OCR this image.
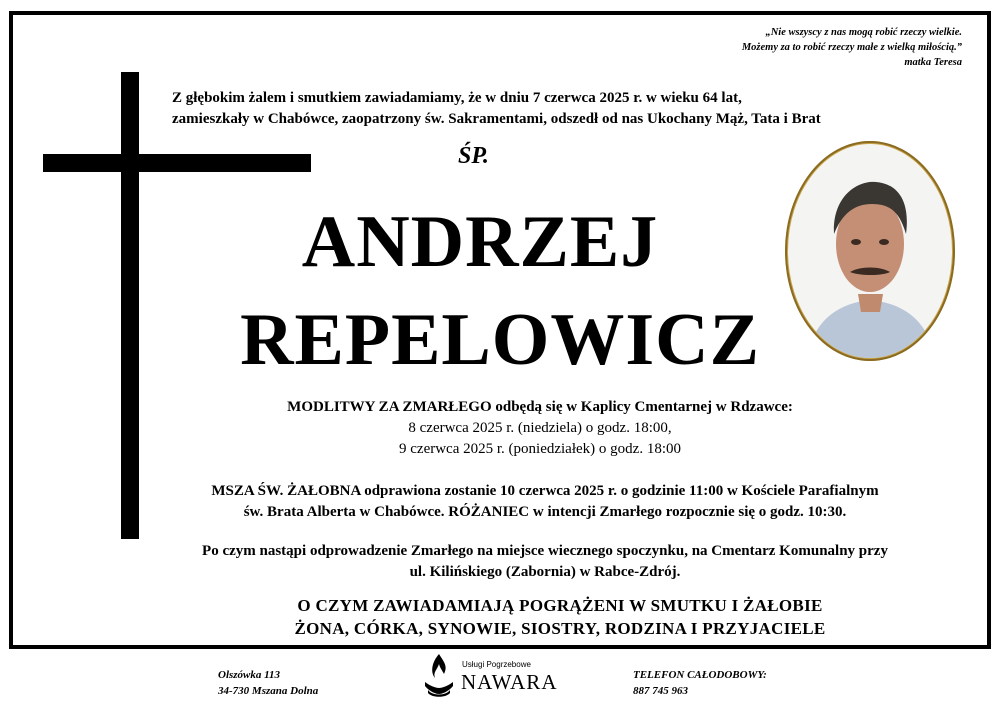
„Nie wszyscy z nas mogą robić rzeczy wielkie.
Możemy za to robić rzeczy małe z wielką miłością.”
matka Teresa
Z głębokim żalem i smutkiem zawiadamiamy, że w dniu 7 czerwca 2025 r. w wieku 64 lat,
zamieszkały w Chabówce, zaopatrzony św. Sakramentami, odszedł od nas Ukochany Mąż, Tata i Brat
ŚP.
ANDRZEJ
REPELOWICZ
MODLITWY ZA ZMARŁEGO odbędą się w Kaplicy Cmentarnej w Rdzawce:
8 czerwca 2025 r. (niedziela) o godz. 18:00,
9 czerwca 2025 r. (poniedziałek) o godz. 18:00
MSZA ŚW. ŻAŁOBNA odprawiona zostanie 10 czerwca 2025 r. o godzinie 11:00 w Kościele Parafialnym
św. Brata Alberta w Chabówce. RÓŻANIEC w intencji Zmarłego rozpocznie się o godz. 10:30.
Po czym nastąpi odprowadzenie Zmarłego na miejsce wiecznego spoczynku, na Cmentarz Komunalny przy
ul. Kilińskiego (Zabornia) w Rabce-Zdrój.
O CZYM ZAWIADAMIAJĄ POGRĄŻENI W SMUTKU I ŻAŁOBIE
ŻONA, CÓRKA, SYNOWIE, SIOSTRY, RODZINA I PRZYJACIELE
Olszówka 113
34-730 Mszana Dolna
Usługi Pogrzebowe
NAWARA	TELEFON CAŁODOBOWY:
887 745 963
